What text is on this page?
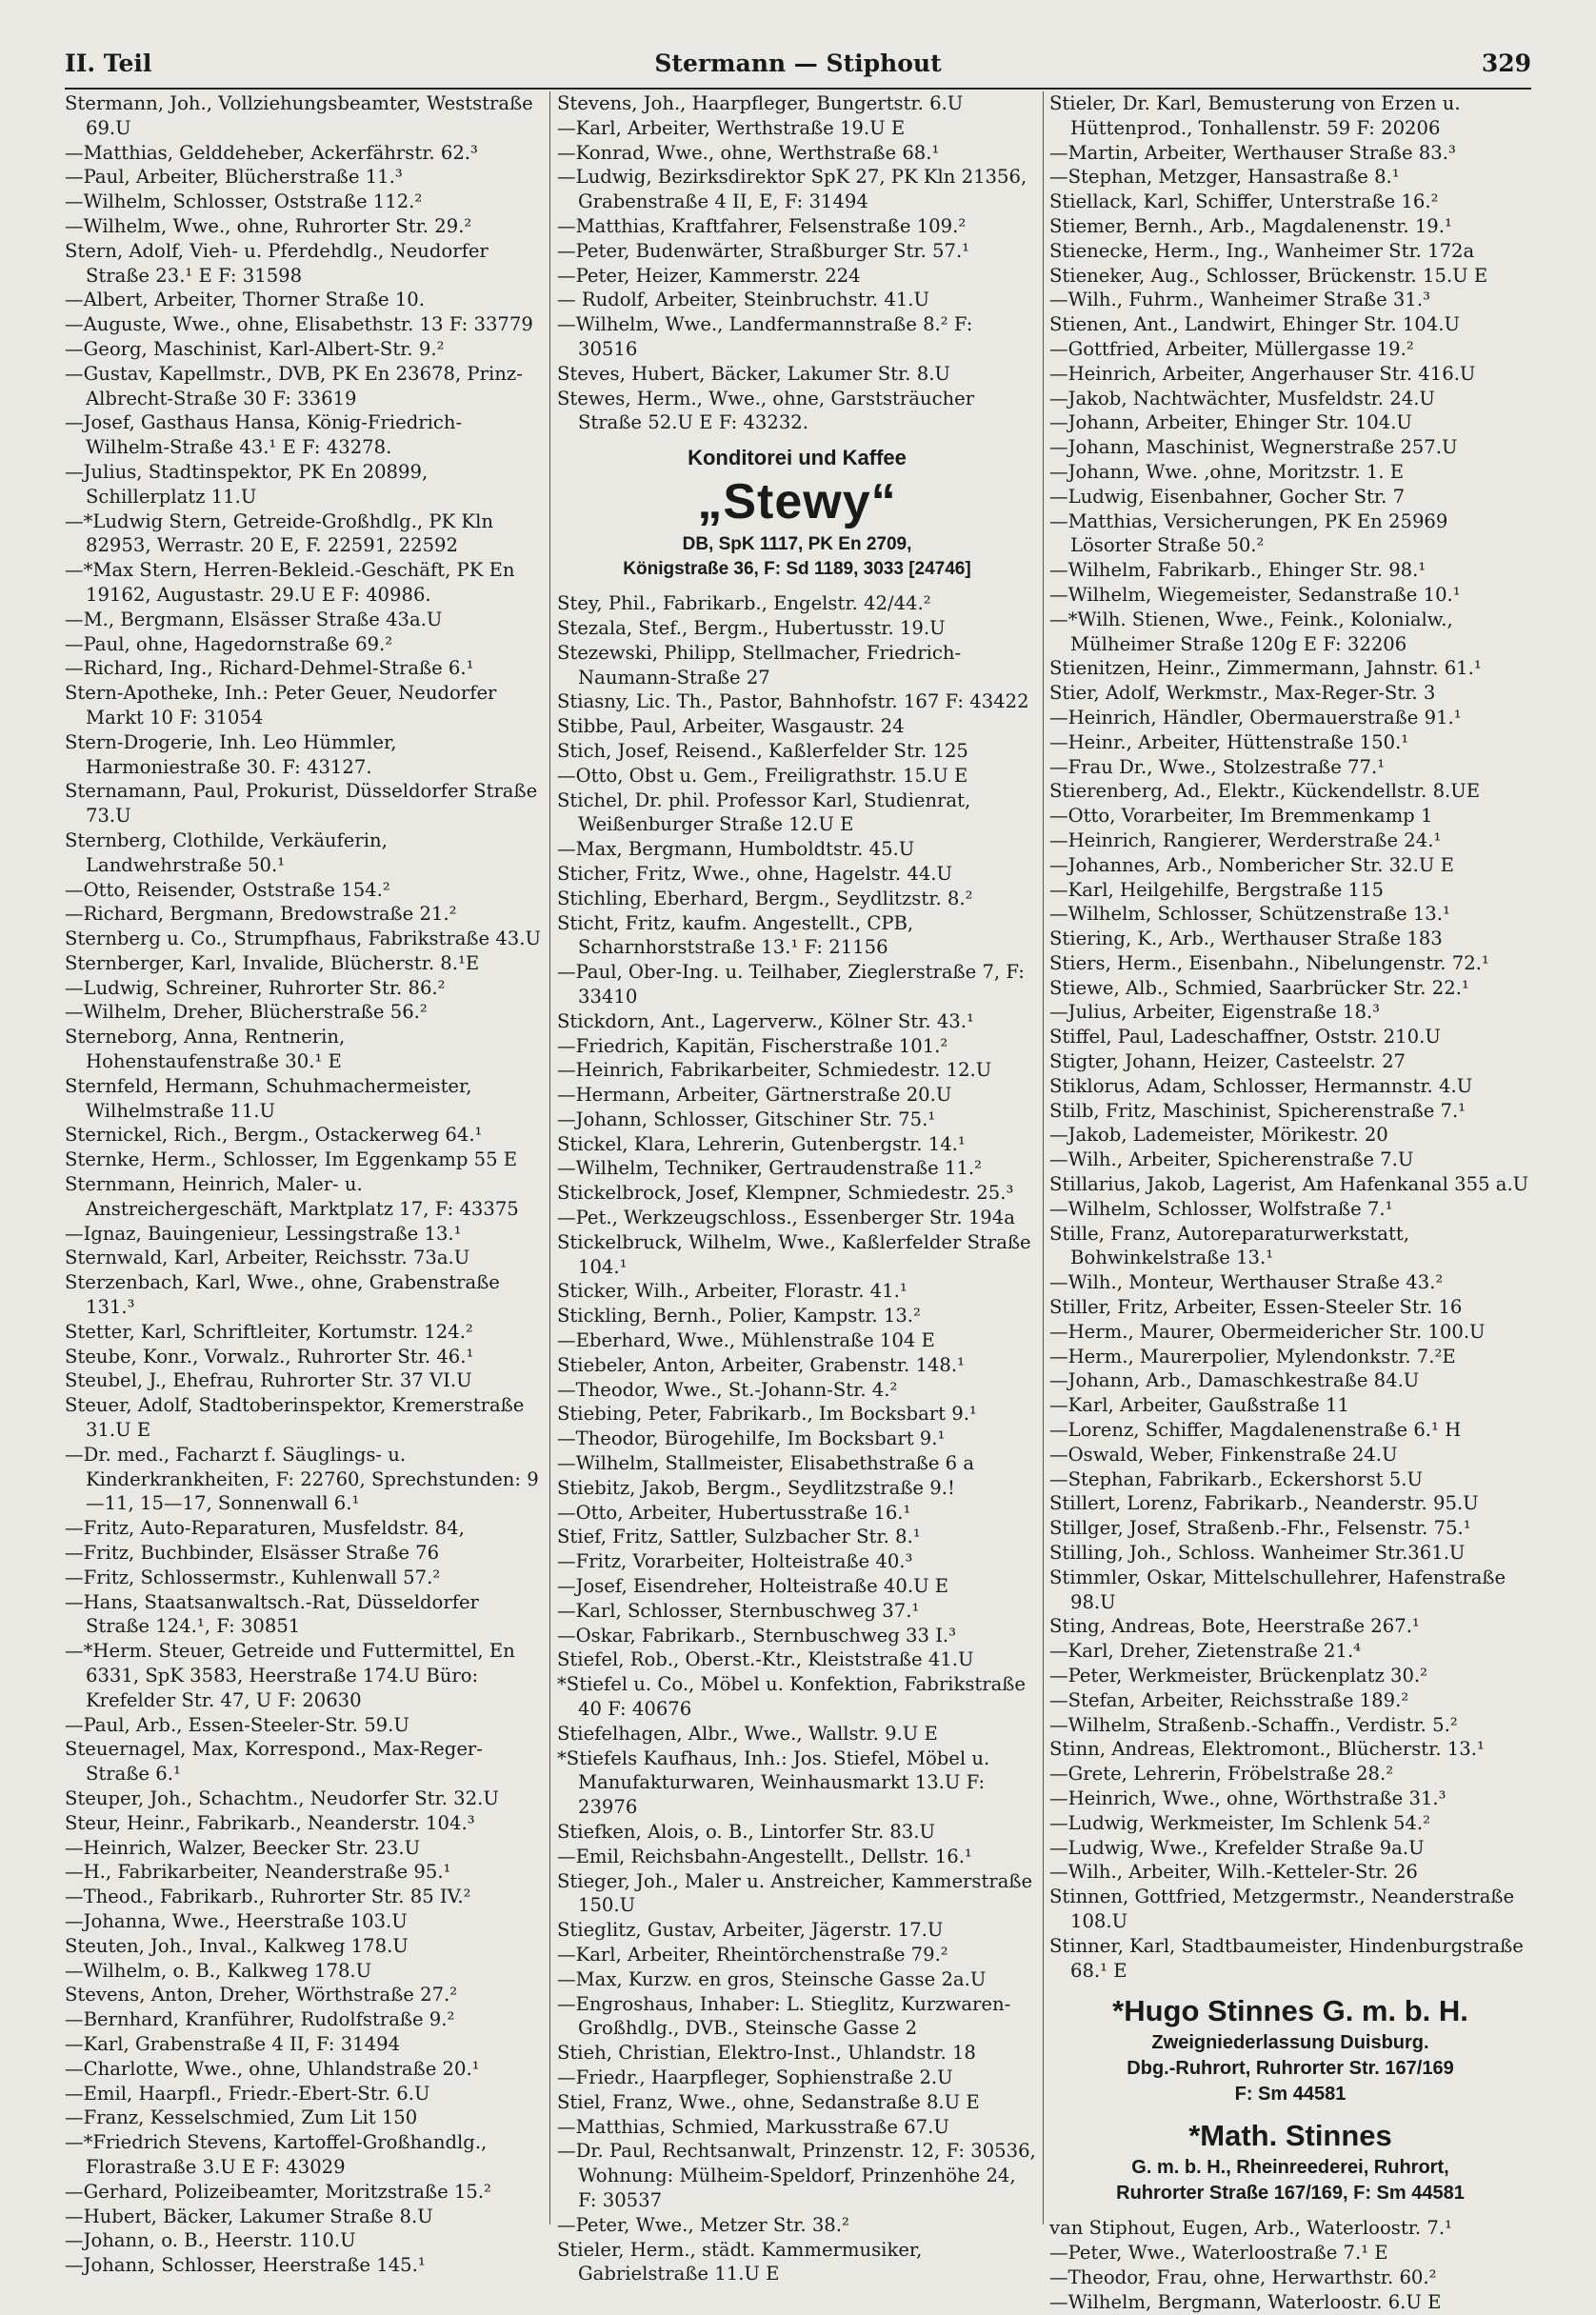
II. Teil	Stermann — Stiphout	329
Stermann, Joh., Vollziehungsbeamter, Weststraße 69.U
—Matthias, Gelddeheber, Ackerfährstr. 62.³
—Paul, Arbeiter, Blücherstraße 11.³
—Wilhelm, Schlosser, Oststraße 112.²
—Wilhelm, Wwe., ohne, Ruhrorter Str. 29.²
Stern, Adolf, Vieh- u. Pferdehdlg., Neudorfer Straße 23.¹ E F: 31598
—Albert, Arbeiter, Thorner Straße 10.
—Auguste, Wwe., ohne, Elisabethstr. 13 F: 33779
—Georg, Maschinist, Karl-Albert-Str. 9.²
—Gustav, Kapellmstr., DVB, PK En 23678, Prinz-Albrecht-Straße 30 F: 33619
—Josef, Gasthaus Hansa, König-Friedrich-Wilhelm-Straße 43.¹ E F: 43278.
—Julius, Stadtinspektor, PK En 20899, Schillerplatz 11.U
—*Ludwig Stern, Getreide-Großhdlg., PK Kln 82953, Werrastr. 20 E, F. 22591, 22592
—*Max Stern, Herren-Bekleid.-Geschäft, PK En 19162, Augustastr. 29.U E F: 40986.
—M., Bergmann, Elsässer Straße 43a.U
—Paul, ohne, Hagedornstraße 69.²
—Richard, Ing., Richard-Dehmel-Straße 6.¹
Stern-Apotheke, Inh.: Peter Geuer, Neudorfer Markt 10 F: 31054
Stern-Drogerie, Inh. Leo Hümmler, Harmoniestraße 30. F: 43127.
Sternamann, Paul, Prokurist, Düsseldorfer Straße 73.U
Sternberg, Clothilde, Verkäuferin, Landwehrstraße 50.¹
—Otto, Reisender, Oststraße 154.²
—Richard, Bergmann, Bredowstraße 21.²
Sternberg u. Co., Strumpfhaus, Fabrikstraße 43.U
Sternberger, Karl, Invalide, Blücherstr. 8.¹E
—Ludwig, Schreiner, Ruhrorter Str. 86.²
—Wilhelm, Dreher, Blücherstraße 56.²
Sterneborg, Anna, Rentnerin, Hohenstaufenstraße 30.¹ E
Sternfeld, Hermann, Schuhmachermeister, Wilhelmstraße 11.U
Sternickel, Rich., Bergm., Ostackerweg 64.¹
Sternke, Herm., Schlosser, Im Eggenkamp 55 E
Sternmann, Heinrich, Maler- u. Anstreichergeschäft, Marktplatz 17, F: 43375
—Ignaz, Bauingenieur, Lessingstraße 13.¹
Sternwald, Karl, Arbeiter, Reichsstr. 73a.U
Sterzenbach, Karl, Wwe., ohne, Grabenstraße 131.³
Stetter, Karl, Schriftleiter, Kortumstr. 124.²
Steube, Konr., Vorwalz., Ruhrorter Str. 46.¹
Steubel, J., Ehefrau, Ruhrorter Str. 37 VI.U
Steuer, Adolf, Stadtoberinspektor, Kremerstraße 31.U E
—Dr. med., Facharzt f. Säuglings- u. Kinderkrankheiten, F: 22760, Sprechstunden: 9—11, 15—17, Sonnenwall 6.¹
—Fritz, Auto-Reparaturen, Musfeldstr. 84,
—Fritz, Buchbinder, Elsässer Straße 76
—Fritz, Schlossermstr., Kuhlenwall 57.²
—Hans, Staatsanwaltsch.-Rat, Düsseldorfer Straße 124.¹, F: 30851
—*Herm. Steuer, Getreide und Futtermittel, En 6331, SpK 3583, Heerstraße 174.U Büro: Krefelder Str. 47, U F: 20630
—Paul, Arb., Essen-Steeler-Str. 59.U
Steuernagel, Max, Korrespond., Max-Reger-Straße 6.¹
Steuper, Joh., Schachtm., Neudorfer Str. 32.U
Steur, Heinr., Fabrikarb., Neanderstr. 104.³
—Heinrich, Walzer, Beecker Str. 23.U
—H., Fabrikarbeiter, Neanderstraße 95.¹
—Theod., Fabrikarb., Ruhrorter Str. 85 IV.²
—Johanna, Wwe., Heerstraße 103.U
Steuten, Joh., Inval., Kalkweg 178.U
—Wilhelm, o. B., Kalkweg 178.U
Stevens, Anton, Dreher, Wörthstraße 27.²
—Bernhard, Kranführer, Rudolfstraße 9.²
—Karl, Grabenstraße 4 II, F: 31494
—Charlotte, Wwe., ohne, Uhlandstraße 20.¹
—Emil, Haarpfl., Friedr.-Ebert-Str. 6.U
—Franz, Kesselschmied, Zum Lit 150
—*Friedrich Stevens, Kartoffel-Großhandlg., Florastraße 3.U E F: 43029
—Gerhard, Polizeibeamter, Moritzstraße 15.²
—Hubert, Bäcker, Lakumer Straße 8.U
—Johann, o. B., Heerstr. 110.U
—Johann, Schlosser, Heerstraße 145.¹
Stevens, Joh., Haarpfleger, Bungertstr. 6.U
—Karl, Arbeiter, Werthstraße 19.U E
—Konrad, Wwe., ohne, Werthstraße 68.¹
—Ludwig, Bezirksdirektor SpK 27, PK Kln 21356, Grabenstraße 4 II, E, F: 31494
—Matthias, Kraftfahrer, Felsenstraße 109.²
—Peter, Budenwärter, Straßburger Str. 57.¹
—Peter, Heizer, Kammerstr. 224
— Rudolf, Arbeiter, Steinbruchstr. 41.U
—Wilhelm, Wwe., Landfermannstraße 8.² F: 30516
Steves, Hubert, Bäcker, Lakumer Str. 8.U
Stewes, Herm., Wwe., ohne, Garststräucher Straße 52.U E F: 43232.
Konditorei und Kaffee
„Stewy“
DB, SpK 1117, PK En 2709,
Königstraße 36, F: Sd 1189, 3033 [24746]
Stey, Phil., Fabrikarb., Engelstr. 42/44.²
Stezala, Stef., Bergm., Hubertusstr. 19.U
Stezewski, Philipp, Stellmacher, Friedrich-Naumann-Straße 27
Stiasny, Lic. Th., Pastor, Bahnhofstr. 167 F: 43422
Stibbe, Paul, Arbeiter, Wasgaustr. 24
Stich, Josef, Reisend., Kaßlerfelder Str. 125
—Otto, Obst u. Gem., Freiligrathstr. 15.U E
Stichel, Dr. phil. Professor Karl, Studienrat, Weißenburger Straße 12.U E
—Max, Bergmann, Humboldtstr. 45.U
Sticher, Fritz, Wwe., ohne, Hagelstr. 44.U
Stichling, Eberhard, Bergm., Seydlitzstr. 8.²
Sticht, Fritz, kaufm. Angestellt., CPB, Scharnhorststraße 13.¹ F: 21156
—Paul, Ober-Ing. u. Teilhaber, Zieglerstraße 7, F: 33410
Stickdorn, Ant., Lagerverw., Kölner Str. 43.¹
—Friedrich, Kapitän, Fischerstraße 101.²
—Heinrich, Fabrikarbeiter, Schmiedestr. 12.U
—Hermann, Arbeiter, Gärtnerstraße 20.U
—Johann, Schlosser, Gitschiner Str. 75.¹
Stickel, Klara, Lehrerin, Gutenbergstr. 14.¹
—Wilhelm, Techniker, Gertraudenstraße 11.²
Stickelbrock, Josef, Klempner, Schmiedestr. 25.³
—Pet., Werkzeugschloss., Essenberger Str. 194a
Stickelbruck, Wilhelm, Wwe., Kaßlerfelder Straße 104.¹
Sticker, Wilh., Arbeiter, Florastr. 41.¹
Stickling, Bernh., Polier, Kampstr. 13.²
—Eberhard, Wwe., Mühlenstraße 104 E
Stiebeler, Anton, Arbeiter, Grabenstr. 148.¹
—Theodor, Wwe., St.-Johann-Str. 4.²
Stiebing, Peter, Fabrikarb., Im Bocksbart 9.¹
—Theodor, Bürogehilfe, Im Bocksbart 9.¹
—Wilhelm, Stallmeister, Elisabethstraße 6 a
Stiebitz, Jakob, Bergm., Seydlitzstraße 9.!
—Otto, Arbeiter, Hubertusstraße 16.¹
Stief, Fritz, Sattler, Sulzbacher Str. 8.¹
—Fritz, Vorarbeiter, Holteistraße 40.³
—Josef, Eisendreher, Holteistraße 40.U E
—Karl, Schlosser, Sternbuschweg 37.¹
—Oskar, Fabrikarb., Sternbuschweg 33 I.³
Stiefel, Rob., Oberst.-Ktr., Kleiststraße 41.U
*Stiefel u. Co., Möbel u. Konfektion, Fabrikstraße 40 F: 40676
Stiefelhagen, Albr., Wwe., Wallstr. 9.U E
*Stiefels Kaufhaus, Inh.: Jos. Stiefel, Möbel u. Manufakturwaren, Weinhausmarkt 13.U F: 23976
Stiefken, Alois, o. B., Lintorfer Str. 83.U
—Emil, Reichsbahn-Angestellt., Dellstr. 16.¹
Stieger, Joh., Maler u. Anstreicher, Kammerstraße 150.U
Stieglitz, Gustav, Arbeiter, Jägerstr. 17.U
—Karl, Arbeiter, Rheintörchenstraße 79.²
—Max, Kurzw. en gros, Steinsche Gasse 2a.U
—Engroshaus, Inhaber: L. Stieglitz, Kurzwaren-Großhdlg., DVB., Steinsche Gasse 2
Stieh, Christian, Elektro-Inst., Uhlandstr. 18
—Friedr., Haarpfleger, Sophienstraße 2.U
Stiel, Franz, Wwe., ohne, Sedanstraße 8.U E
—Matthias, Schmied, Markusstraße 67.U
—Dr. Paul, Rechtsanwalt, Prinzenstr. 12, F: 30536, Wohnung: Mülheim-Speldorf, Prinzenhöhe 24, F: 30537
—Peter, Wwe., Metzer Str. 38.²
Stieler, Herm., städt. Kammermusiker, Gabrielstraße 11.U E
Stieler, Dr. Karl, Bemusterung von Erzen u. Hüttenprod., Tonhallenstr. 59 F: 20206
—Martin, Arbeiter, Werthauser Straße 83.³
—Stephan, Metzger, Hansastraße 8.¹
Stiellack, Karl, Schiffer, Unterstraße 16.²
Stiemer, Bernh., Arb., Magdalenenstr. 19.¹
Stienecke, Herm., Ing., Wanheimer Str. 172a
Stieneker, Aug., Schlosser, Brückenstr. 15.U E
—Wilh., Fuhrm., Wanheimer Straße 31.³
Stienen, Ant., Landwirt, Ehinger Str. 104.U
—Gottfried, Arbeiter, Müllergasse 19.²
—Heinrich, Arbeiter, Angerhauser Str. 416.U
—Jakob, Nachtwächter, Musfeldstr. 24.U
—Johann, Arbeiter, Ehinger Str. 104.U
—Johann, Maschinist, Wegnerstraße 257.U
—Johann, Wwe. ,ohne, Moritzstr. 1. E
—Ludwig, Eisenbahner, Gocher Str. 7
—Matthias, Versicherungen, PK En 25969 Lösorter Straße 50.²
—Wilhelm, Fabrikarb., Ehinger Str. 98.¹
—Wilhelm, Wiegemeister, Sedanstraße 10.¹
—*Wilh. Stienen, Wwe., Feink., Kolonialw., Mülheimer Straße 120g E F: 32206
Stienitzen, Heinr., Zimmermann, Jahnstr. 61.¹
Stier, Adolf, Werkmstr., Max-Reger-Str. 3
—Heinrich, Händler, Obermauerstraße 91.¹
—Heinr., Arbeiter, Hüttenstraße 150.¹
—Frau Dr., Wwe., Stolzestraße 77.¹
Stierenberg, Ad., Elektr., Kückendellstr. 8.UE
—Otto, Vorarbeiter, Im Bremmenkamp 1
—Heinrich, Rangierer, Werderstraße 24.¹
—Johannes, Arb., Nombericher Str. 32.U E
—Karl, Heilgehilfe, Bergstraße 115
—Wilhelm, Schlosser, Schützenstraße 13.¹
Stiering, K., Arb., Werthauser Straße 183
Stiers, Herm., Eisenbahn., Nibelungenstr. 72.¹
Stiewe, Alb., Schmied, Saarbrücker Str. 22.¹
—Julius, Arbeiter, Eigenstraße 18.³
Stiffel, Paul, Ladeschaffner, Oststr. 210.U
Stigter, Johann, Heizer, Casteelstr. 27
Stiklorus, Adam, Schlosser, Hermannstr. 4.U
Stilb, Fritz, Maschinist, Spicherenstraße 7.¹
—Jakob, Lademeister, Mörikestr. 20
—Wilh., Arbeiter, Spicherenstraße 7.U
Stillarius, Jakob, Lagerist, Am Hafenkanal 355 a.U
—Wilhelm, Schlosser, Wolfstraße 7.¹
Stille, Franz, Autoreparaturwerkstatt, Bohwinkelstraße 13.¹
—Wilh., Monteur, Werthauser Straße 43.²
Stiller, Fritz, Arbeiter, Essen-Steeler Str. 16
—Herm., Maurer, Obermeidericher Str. 100.U
—Herm., Maurerpolier, Mylendonkstr. 7.²E
—Johann, Arb., Damaschkestraße 84.U
—Karl, Arbeiter, Gaußstraße 11
—Lorenz, Schiffer, Magdalenenstraße 6.¹ H
—Oswald, Weber, Finkenstraße 24.U
—Stephan, Fabrikarb., Eckershorst 5.U
Stillert, Lorenz, Fabrikarb., Neanderstr. 95.U
Stillger, Josef, Straßenb.-Fhr., Felsenstr. 75.¹
Stilling, Joh., Schloss. Wanheimer Str.361.U
Stimmler, Oskar, Mittelschullehrer, Hafenstraße 98.U
Sting, Andreas, Bote, Heerstraße 267.¹
—Karl, Dreher, Zietenstraße 21.⁴
—Peter, Werkmeister, Brückenplatz 30.²
—Stefan, Arbeiter, Reichsstraße 189.²
—Wilhelm, Straßenb.-Schaffn., Verdistr. 5.²
Stinn, Andreas, Elektromont., Blücherstr. 13.¹
—Grete, Lehrerin, Fröbelstraße 28.²
—Heinrich, Wwe., ohne, Wörthstraße 31.³
—Ludwig, Werkmeister, Im Schlenk 54.²
—Ludwig, Wwe., Krefelder Straße 9a.U
—Wilh., Arbeiter, Wilh.-Ketteler-Str. 26
Stinnen, Gottfried, Metzgermstr., Neanderstraße 108.U
Stinner, Karl, Stadtbaumeister, Hindenburgstraße 68.¹ E
*Hugo Stinnes G. m. b. H.
Zweigniederlassung Duisburg.
Dbg.-Ruhrort, Ruhrorter Str. 167/169
F: Sm 44581
*Math. Stinnes
G. m. b. H., Rheinreederei, Ruhrort,
Ruhrorter Straße 167/169, F: Sm 44581
van Stiphout, Eugen, Arb., Waterloostr. 7.¹
—Peter, Wwe., Waterloostraße 7.¹ E
—Theodor, Frau, ohne, Herwarthstr. 60.²
—Wilhelm, Bergmann, Waterloostr. 6.U E
